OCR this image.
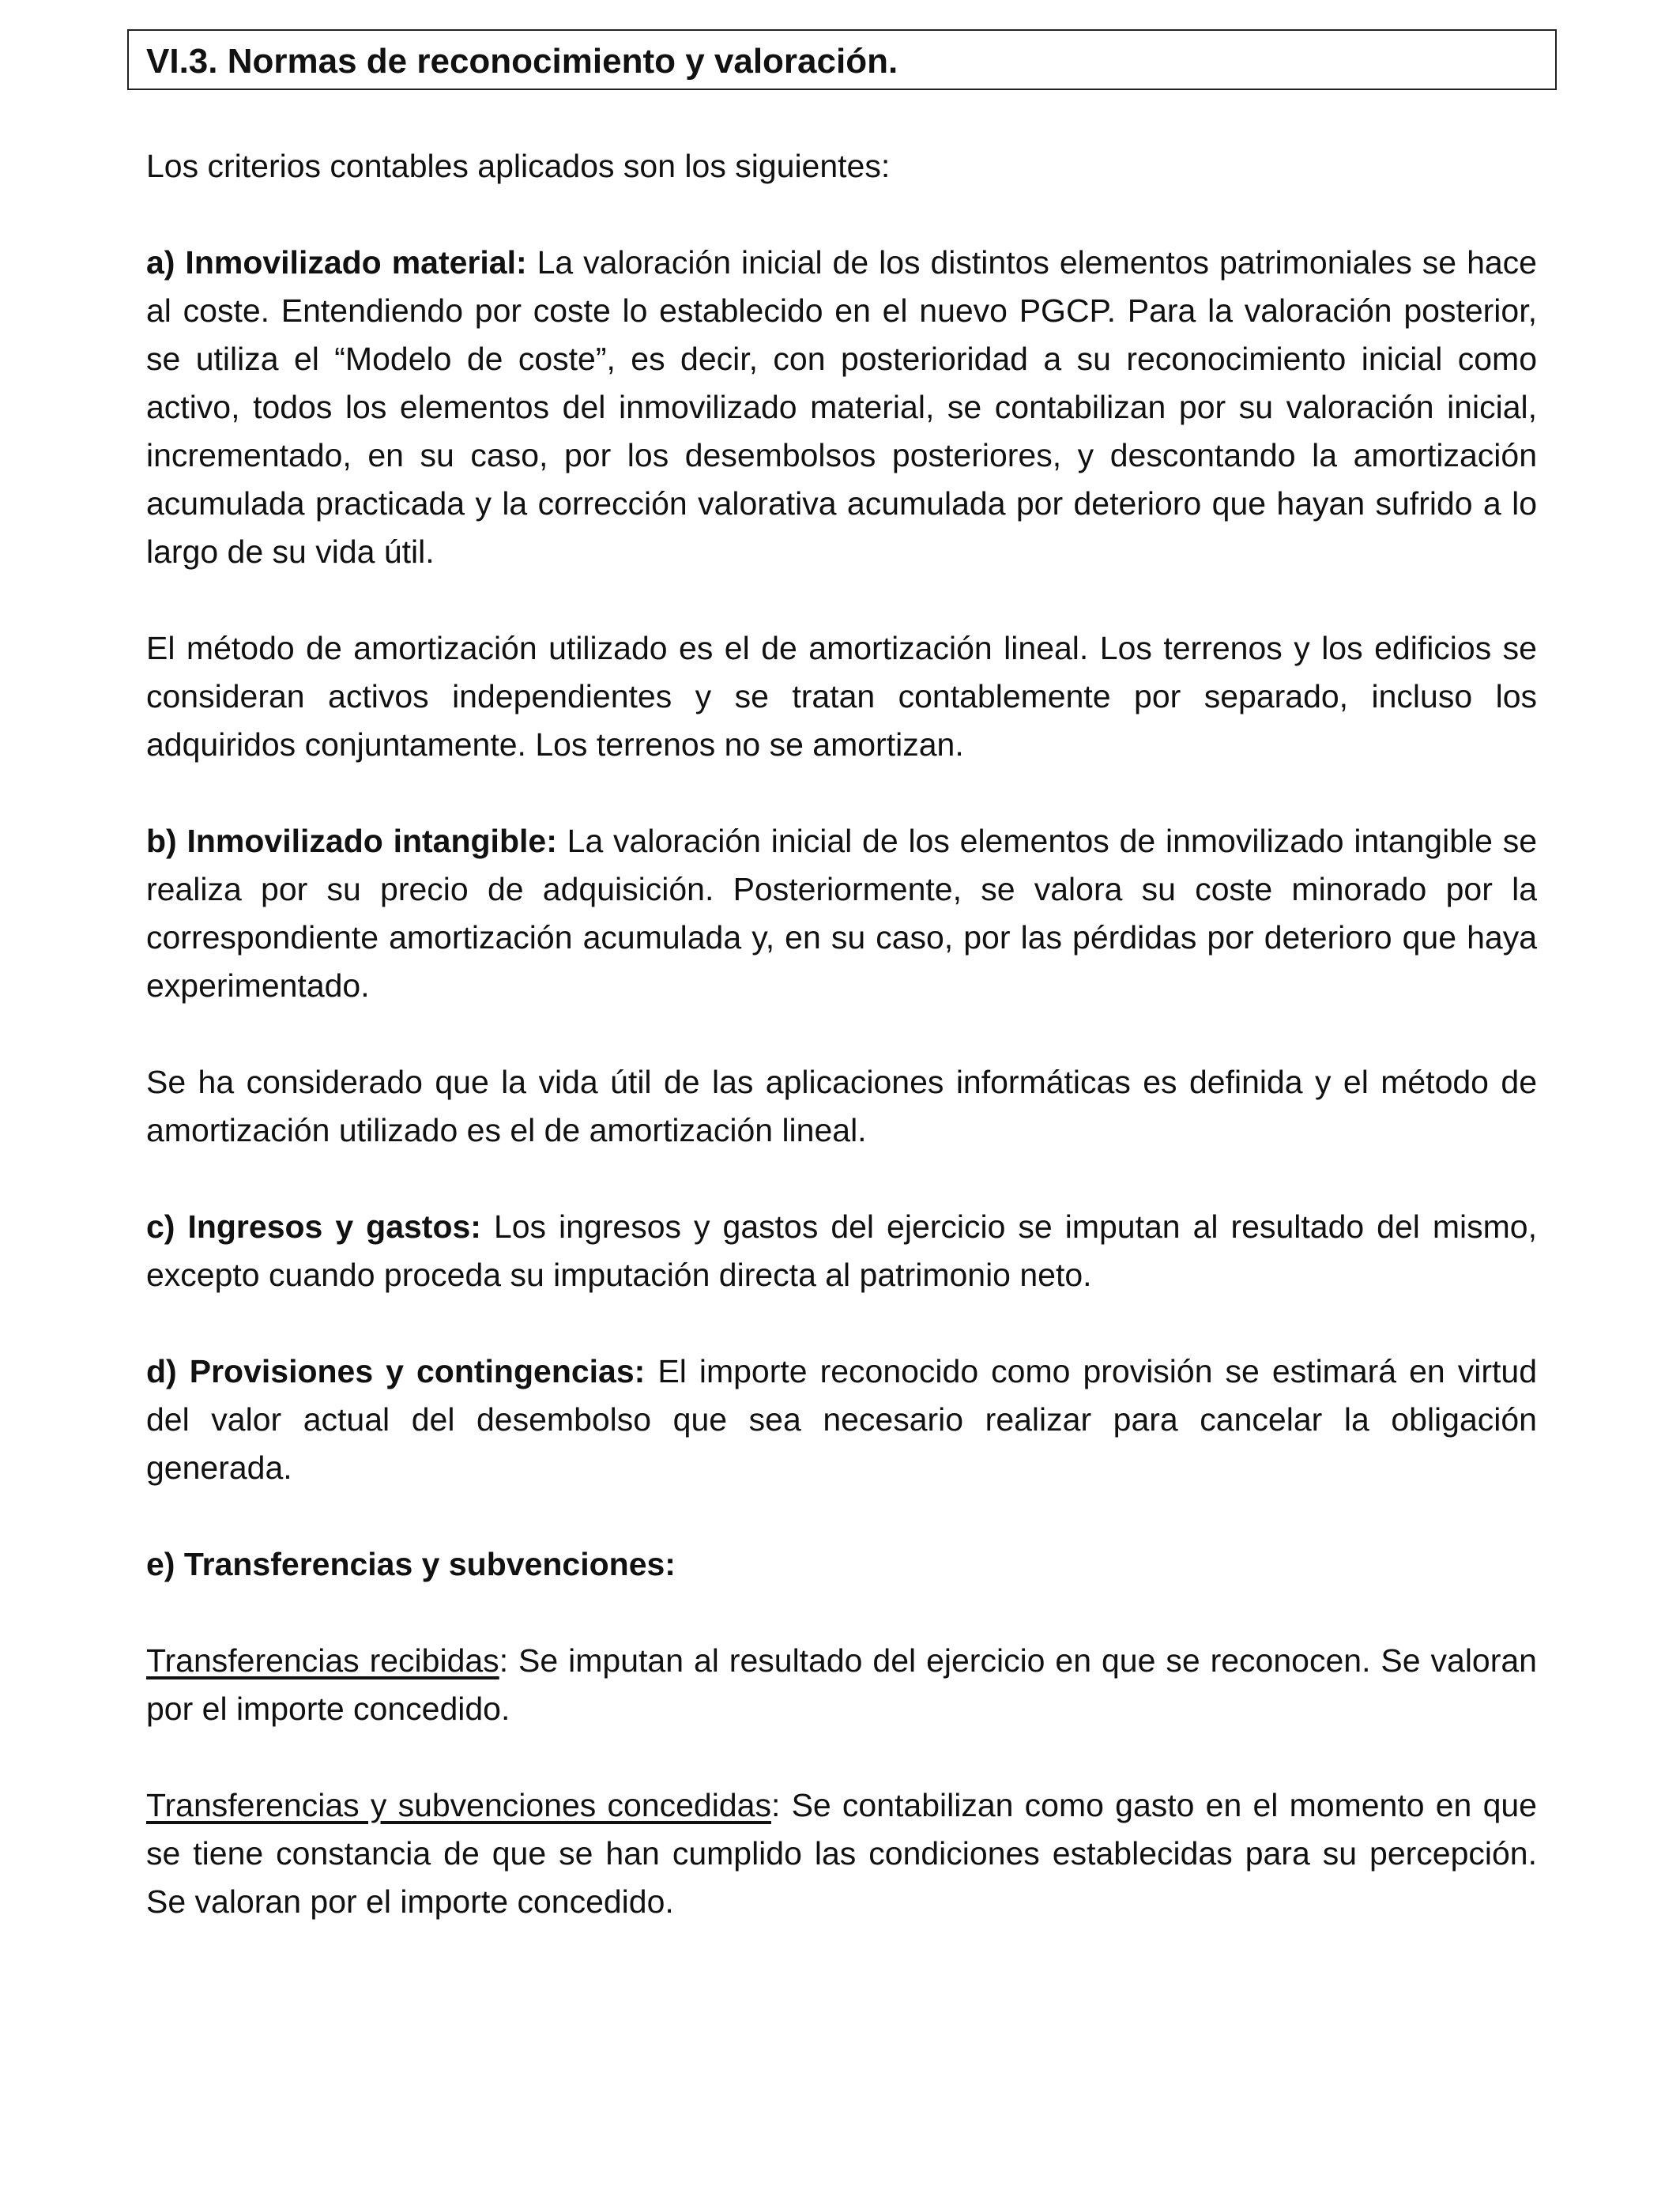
VI.3. Normas de reconocimiento y valoración.

Los criterios contables aplicados son los siguientes:

a) Inmovilizado material: La valoración inicial de los distintos elementos patrimoniales se hace al coste. Entendiendo por coste lo establecido en el nuevo PGCP. Para la valoración posterior, se utiliza el “Modelo de coste”, es decir, con posterioridad a su reconocimiento inicial como activo, todos los elementos del inmovilizado material, se contabilizan por su valoración inicial, incrementado, en su caso, por los desembolsos posteriores, y descontando la amortización acumulada practicada y la corrección valorativa acumulada por deterioro que hayan sufrido a lo largo de su vida útil.

El método de amortización utilizado es el de amortización lineal. Los terrenos y los edificios se consideran activos independientes y se tratan contablemente por separado, incluso los adquiridos conjuntamente. Los terrenos no se amortizan.

b) Inmovilizado intangible: La valoración inicial de los elementos de inmovilizado intangible se realiza por su precio de adquisición. Posteriormente, se valora su coste minorado por la correspondiente amortización acumulada y, en su caso, por las pérdidas por deterioro que haya experimentado.

Se ha considerado que la vida útil de las aplicaciones informáticas es definida y el método de amortización utilizado es el de amortización lineal.

c) Ingresos y gastos: Los ingresos y gastos del ejercicio se imputan al resultado del mismo, excepto cuando proceda su imputación directa al patrimonio neto.

d) Provisiones y contingencias: El importe reconocido como provisión se estimará en virtud del valor actual del desembolso que sea necesario realizar para cancelar la obligación generada.

e) Transferencias y subvenciones:

Transferencias recibidas: Se imputan al resultado del ejercicio en que se reconocen. Se valoran por el importe concedido.

Transferencias y subvenciones concedidas: Se contabilizan como gasto en el momento en que se tiene constancia de que se han cumplido las condiciones establecidas para su percepción. Se valoran por el importe concedido.
